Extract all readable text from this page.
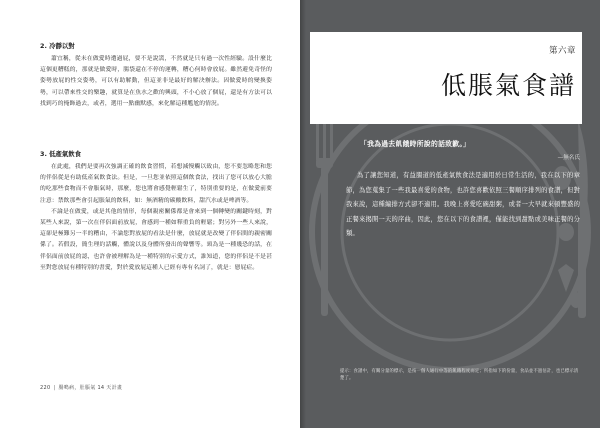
2. 冷靜以對

蕭宜稱，從未在做愛時遭過屁，要不是說謊，不然就是只有過一次性經驗。設什麼比這個更糟糕的，那就是做愛時，腸袋還在不停的運轉，糟心何時會放屁。雖然避免奇怪的姿勢放屁的性交姿勢，可以有助解動，但這並非是最好的解決辦法。因做愛時的變換姿勢，可以帶來性交的樂趣，就算是在魚水之歡的興頭，不小心放了個屁，還是有方法可以找到巧的掩飾過去，或者，選用一點幽默感，來化解這種尷尬的情況。

3. 低產氣飲食

在此處，我們是要再次強調正確的飲食習慣，若想減慢觸以致由，您不要忽略您和您的伴侶從是有助低產氣飲食法。但是，一旦您並依照這個飲食法，找出了您可以放心大膽的吃那些食物而不會脹氣時，那麼，您也將會感覺輕鬆生了，特別重要的是，在做愛前要注意：禁飲那些會引起脹氣的飲料，如：無酒精的碳酸飲料，甜汽水或是啤酒等。

不論是在做愛，或是其他的情形，每個親密關係都是會來到一個轉變的關鍵時刻，對某些人來說，第一次在伴侶面前放屁，會感到一種如釋重負的輕鬆；對另外一些人來說，這卻是極難另一半的糟由，不論您對放屁的看法是什麼，放屁就是改變了伴侶間的親密關係了。若假設，簡生理約話觸，體說以及身體所發出的聲響等。頸為是一種幾恐的話，在伴侶面前放屁的認，也許會被理解為是一種特別的示愛方式，誰知道，您的伴侶是不是甚至對您放屁有種特別的書愛，對於愛放屁這種人已經有專有名詞了，就是：戀屁症。

220 | 腸鳴病，肚脹氣 14 天計畫
第六章
低脹氣食譜
「我為過去飢餓時所說的話致歉。」
—無名氏

為了讓您知道，有益腸道的低產氣飲食法是適用於日常生活的，我在以下的章節，為您蒐集了一些我最喜愛的食物，也許您喜歡依照三餐順序排列的食譜，但對我來說，這種編排方式卻不適用。我晚上喜愛吃碗甜粥，或者一大早就來頓豐盛的正餐來揭開一天的序曲，因此，您在以下的食譜裡，僅能找到甜點或美味正餐的分類。

提示：食譜中，有關分量的標示，是按一個人通行中等的飢餓程度而定；所指如下的份量，食品並不過估計，也已標示清楚了。
